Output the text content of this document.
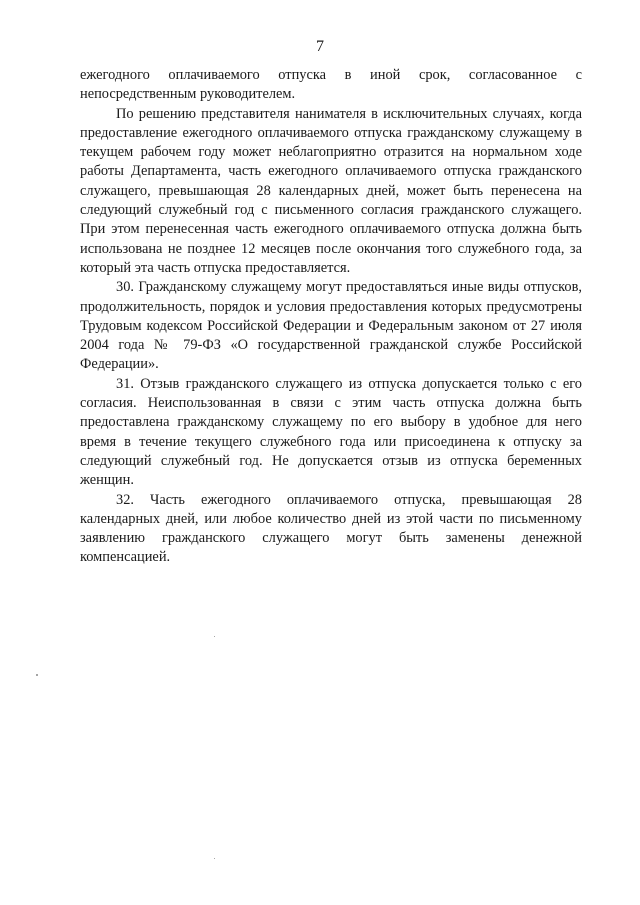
7

ежегодного оплачиваемого отпуска в иной срок, согласованное с непосредственным руководителем.

По решению представителя нанимателя в исключительных случаях, когда предоставление ежегодного оплачиваемого отпуска гражданскому служащему в текущем рабочем году может неблагоприятно отразится на нормальном ходе работы Департамента, часть ежегодного оплачиваемого отпуска гражданского служащего, превышающая 28 календарных дней, может быть перенесена на следующий служебный год с письменного согласия гражданского служащего. При этом перенесенная часть ежегодного оплачиваемого отпуска должна быть использована не позднее 12 месяцев после окончания того служебного года, за который эта часть отпуска предоставляется.

30. Гражданскому служащему могут предоставляться иные виды отпусков, продолжительность, порядок и условия предоставления которых предусмотрены Трудовым кодексом Российской Федерации и Федеральным законом от 27 июля 2004 года № 79-ФЗ «О государственной гражданской службе Российской Федерации».

31. Отзыв гражданского служащего из отпуска допускается только с его согласия. Неиспользованная в связи с этим часть отпуска должна быть предоставлена гражданскому служащему по его выбору в удобное для него время в течение текущего служебного года или присоединена к отпуску за следующий служебный год. Не допускается отзыв из отпуска беременных женщин.

32. Часть ежегодного оплачиваемого отпуска, превышающая 28 календарных дней, или любое количество дней из этой части по письменному заявлению гражданского служащего могут быть заменены денежной компенсацией.
